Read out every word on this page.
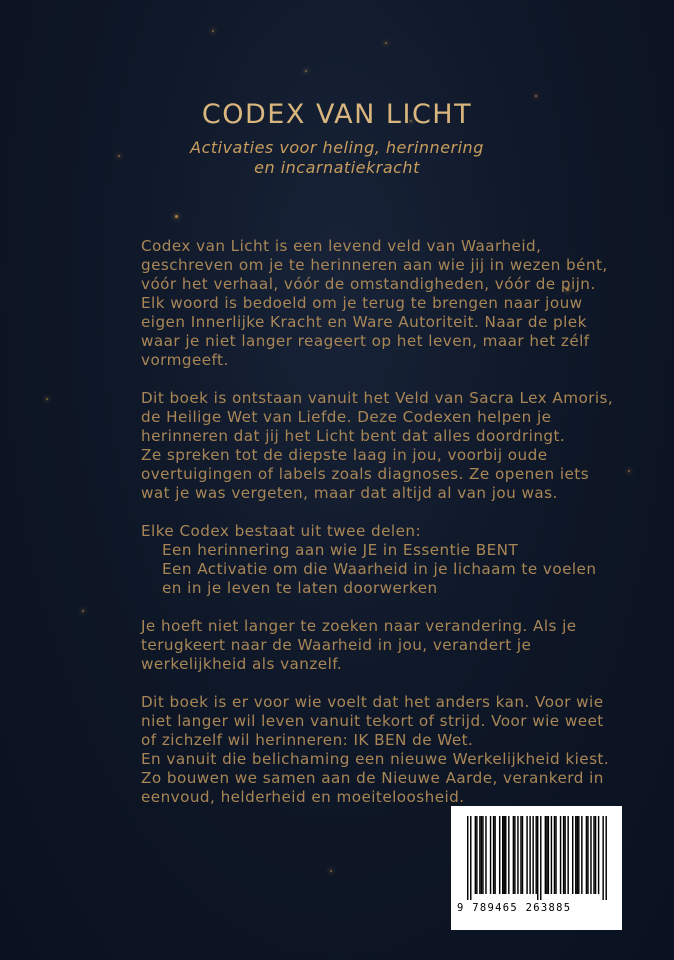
CODEX VAN LICHT
Activaties voor heling, herinnering
en incarnatiekracht
Codex van Licht is een levend veld van Waarheid,
geschreven om je te herinneren aan wie jij in wezen bént,
vóór het verhaal, vóór de omstandigheden, vóór de pijn.
Elk woord is bedoeld om je terug te brengen naar jouw
eigen Innerlijke Kracht en Ware Autoriteit. Naar de plek
waar je niet langer reageert op het leven, maar het zélf
vormgeeft.
Dit boek is ontstaan vanuit het Veld van Sacra Lex Amoris,
de Heilige Wet van Liefde. Deze Codexen helpen je
herinneren dat jij het Licht bent dat alles doordringt.
Ze spreken tot de diepste laag in jou, voorbij oude
overtuigingen of labels zoals diagnoses. Ze openen iets
wat je was vergeten, maar dat altijd al van jou was.
Elke Codex bestaat uit twee delen:
Een herinnering aan wie JE in Essentie BENT
Een Activatie om die Waarheid in je lichaam te voelen
en in je leven te laten doorwerken
Je hoeft niet langer te zoeken naar verandering. Als je
terugkeert naar de Waarheid in jou, verandert je
werkelijkheid als vanzelf.
Dit boek is er voor wie voelt dat het anders kan. Voor wie
niet langer wil leven vanuit tekort of strijd. Voor wie weet
of zichzelf wil herinneren: IK BEN de Wet.
En vanuit die belichaming een nieuwe Werkelijkheid kiest.
Zo bouwen we samen aan de Nieuwe Aarde, verankerd in
eenvoud, helderheid en moeiteloosheid.
9 789465 263885
